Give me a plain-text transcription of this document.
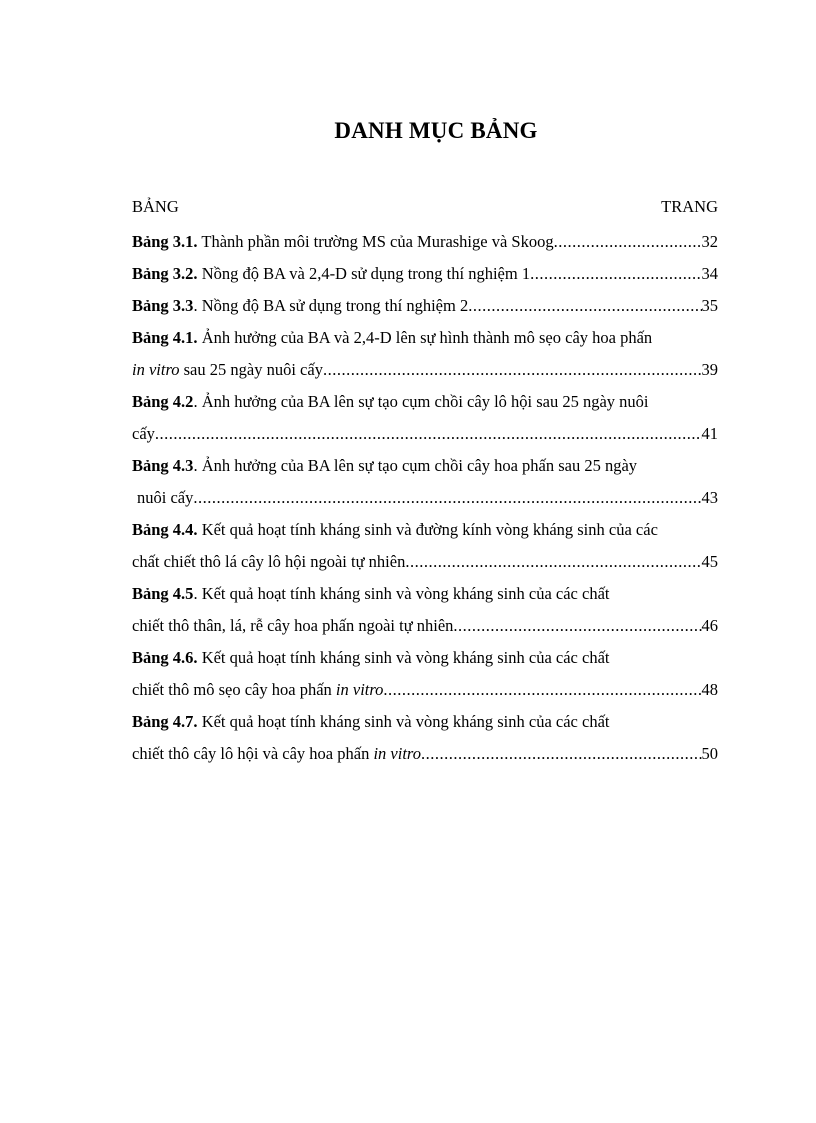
DANH MỤC BẢNG
BẢNG	TRANG
Bảng 3.1. Thành phần môi trường MS của Murashige và Skoog .....	32
Bảng 3.2. Nồng độ BA và 2,4-D sử dụng trong thí nghiệm 1 .....	34
Bảng 3.3. Nồng độ BA sử dụng trong thí nghiệm 2 .....	35
Bảng 4.1. Ảnh hưởng của BA và 2,4-D lên sự hình thành mô sẹo cây hoa phấn
in vitro sau 25 ngày nuôi cấy .....	39
Bảng 4.2. Ảnh hưởng của BA lên sự tạo cụm chồi cây lô hội sau 25 ngày nuôi
cấy .....	41
Bảng 4.3. Ảnh hưởng của BA lên sự tạo cụm chồi cây hoa phấn sau 25 ngày
nuôi cấy .....	43
Bảng 4.4. Kết quả hoạt tính kháng sinh và đường kính vòng kháng sinh của các
chất chiết thô lá cây lô hội ngoài tự nhiên .....	45
Bảng 4.5. Kết quả hoạt tính kháng sinh và vòng kháng sinh của các chất
chiết thô thân, lá, rễ cây hoa phấn ngoài tự nhiên .....	46
Bảng 4.6. Kết quả hoạt tính kháng sinh và vòng kháng sinh của các chất
chiết thô mô sẹo cây hoa phấn in vitro .....	48
Bảng 4.7. Kết quả hoạt tính kháng sinh và vòng kháng sinh của các chất
chiết thô cây lô hội và cây hoa phấn in vitro .....	50
